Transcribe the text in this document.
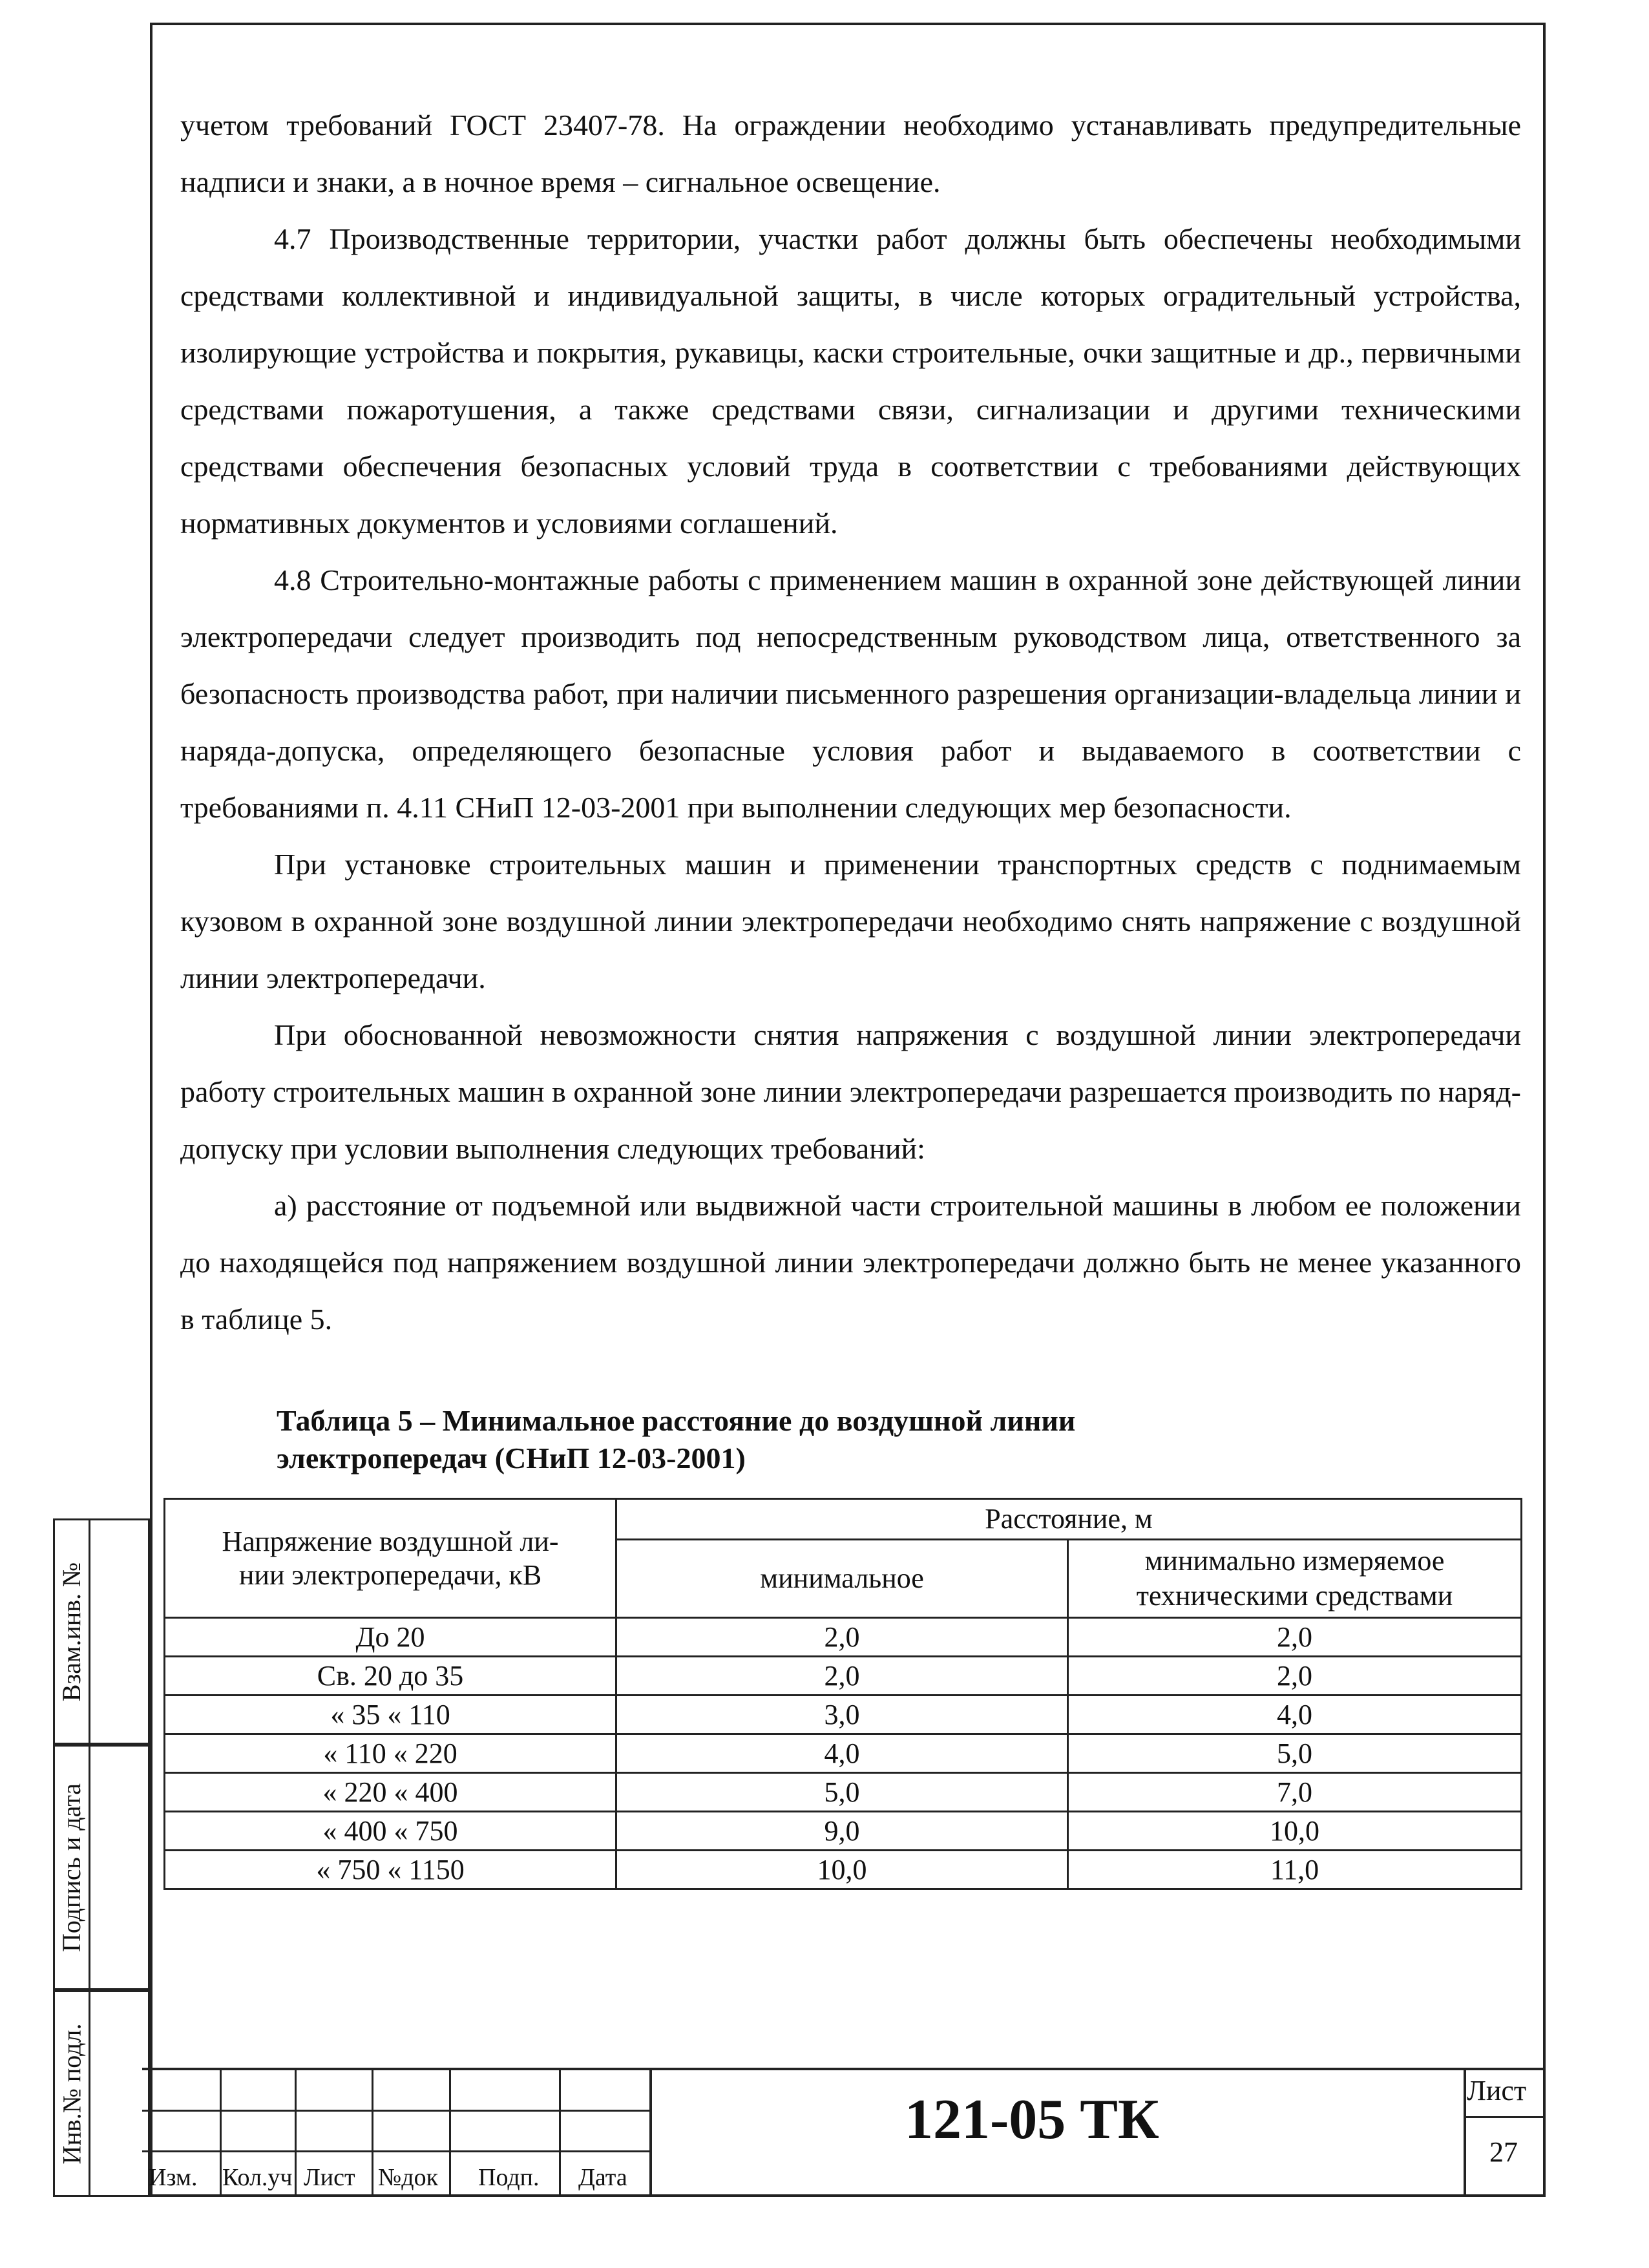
учетом требований ГОСТ 23407-78. На ограждении необходимо устанавливать предупредительные надписи и знаки, а в ночное время – сигнальное освещение.

4.7 Производственные территории, участки работ должны быть обеспечены необходимыми средствами коллективной и индивидуальной защиты, в числе которых оградительный устройства, изолирующие устройства и покрытия, рукавицы, каски строительные, очки защитные и др., первичными средствами пожаротушения, а также средствами связи, сигнализации и другими техническими средствами обеспечения безопасных условий труда в соответствии с требованиями действующих нормативных документов и условиями соглашений.

4.8 Строительно-монтажные работы с применением машин в охранной зоне действующей линии электропередачи следует производить под непосредственным руководством лица, ответственного за безопасность производства работ, при наличии письменного разрешения организации-владельца линии и наряда-допуска, определяющего безопасные условия работ и выдаваемого в соответствии с требованиями п. 4.11 СНиП 12-03-2001 при выполнении следующих мер безопасности.

При установке строительных машин и применении транспортных средств с поднимаемым кузовом в охранной зоне воздушной линии электропередачи необходимо снять напряжение с воздушной линии электропередачи.

При обоснованной невозможности снятия напряжения с воздушной линии электропередачи работу строительных машин в охранной зоне линии электропередачи разрешается производить по наряд-допуску при условии выполнения следующих требований:

а) расстояние от подъемной или выдвижной части строительной машины в любом ее положении до находящейся под напряжением воздушной линии электропередачи должно быть не менее указанного в таблице 5.

Таблица 5 – Минимальное расстояние до воздушной линии
электропередач (СНиП 12-03-2001)
Напряжение воздушной ли-
нии электропередачи, кВ	Расстояние, м	
	минимальное	минимально измеряемое
техническими средствами

До 20	2,0	2,0
Св. 20 до 35	2,0	2,0
« 35 « 110	3,0	4,0
« 110 « 220	4,0	5,0
« 220 « 400	5,0	7,0
« 400 « 750	9,0	10,0
« 750 « 1150	10,0	11,0
Взам.инв. №
Подпись и дата
Инв.№ подл.
Изм. Кол.уч Лист №док Подп. Дата
121-05 ТК	Лист
27
